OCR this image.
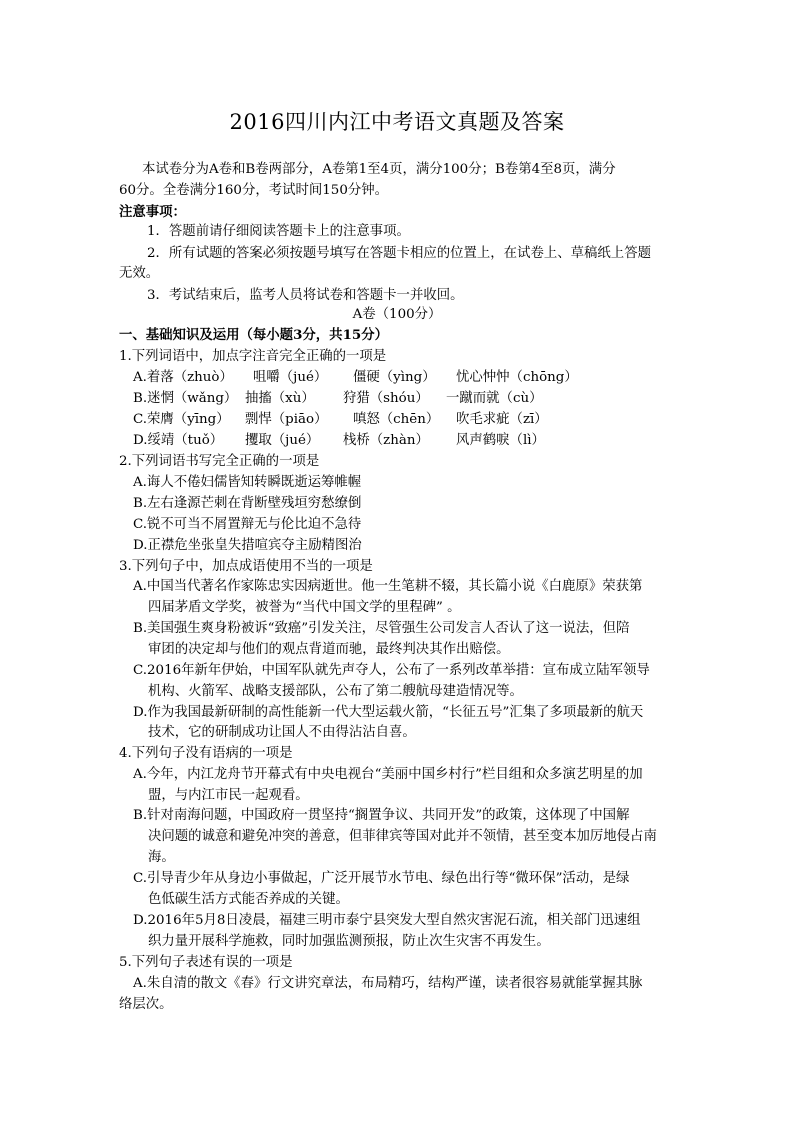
2016四川内江中考语文真题及答案
本试卷分为A卷和B卷两部分，A卷第1至4页，满分100分；B卷第4至8页，满分
60分。全卷满分160分，考试时间150分钟。
注意事项：
1．答题前请仔细阅读答题卡上的注意事项。
2．所有试题的答案必须按题号填写在答题卡相应的位置上，在试卷上、草稿纸上答题
无效。
3．考试结束后，监考人员将试卷和答题卡一并收回。
A卷（100分）
一、基础知识及运用（每小题3分，共15分）
1.下列词语中，加点字注音完全正确的一项是
A.着落（zhuò） 咀嚼（jué） 僵硬（yìng） 忧心忡忡（chōng）
B.迷惘（wǎng） 抽搐（xù） 狩猎（shóu） 一蹴而就（cù）
C.荣膺（yīng） 剽悍（piāo） 嗔怒（chēn） 吹毛求疵（zī）
D.绥靖（tuǒ） 攫取（jué） 栈桥（zhàn） 风声鹤唳（lì）
2.下列词语书写完全正确的一项是
A.诲人不倦妇儒皆知转瞬既逝运筹帷幄
B.左右逢源芒刺在背断壁残垣穷愁缭倒
C.锐不可当不屑置辩无与伦比迫不急待
D.正襟危坐张皇失措喧宾夺主励精图治
3.下列句子中，加点成语使用不当的一项是
A.中国当代著名作家陈忠实因病逝世。他一生笔耕不辍，其长篇小说《白鹿原》荣获第
四届茅盾文学奖，被誉为“当代中国文学的里程碑” 。
B.美国强生爽身粉被诉“致癌”引发关注，尽管强生公司发言人否认了这一说法，但陪
审团的决定却与他们的观点背道而驰，最终判决其作出赔偿。
C.2016年新年伊始，中国军队就先声夺人，公布了一系列改革举措：宣布成立陆军领导
机构、火箭军、战略支援部队，公布了第二艘航母建造情况等。
D.作为我国最新研制的高性能新一代大型运载火箭，“长征五号”汇集了多项最新的航天
技术，它的研制成功让国人不由得沾沾自喜。
4.下列句子没有语病的一项是
A.今年，内江龙舟节开幕式有中央电视台“美丽中国乡村行”栏目组和众多演艺明星的加
盟，与内江市民一起观看。
B.针对南海问题，中国政府一贯坚持“搁置争议、共同开发”的政策，这体现了中国解
决问题的诚意和避免冲突的善意，但菲律宾等国对此并不领情，甚至变本加厉地侵占南
海。
C.引导青少年从身边小事做起，广泛开展节水节电、绿色出行等“微环保”活动，是绿
色低碳生活方式能否养成的关键。
D.2016年5月8日凌晨，福建三明市泰宁县突发大型自然灾害泥石流，相关部门迅速组
织力量开展科学施救，同时加强监测预报，防止次生灾害不再发生。
5.下列句子表述有误的一项是
A.朱自清的散文《春》行文讲究章法，布局精巧，结构严谨，读者很容易就能掌握其脉
络层次。
